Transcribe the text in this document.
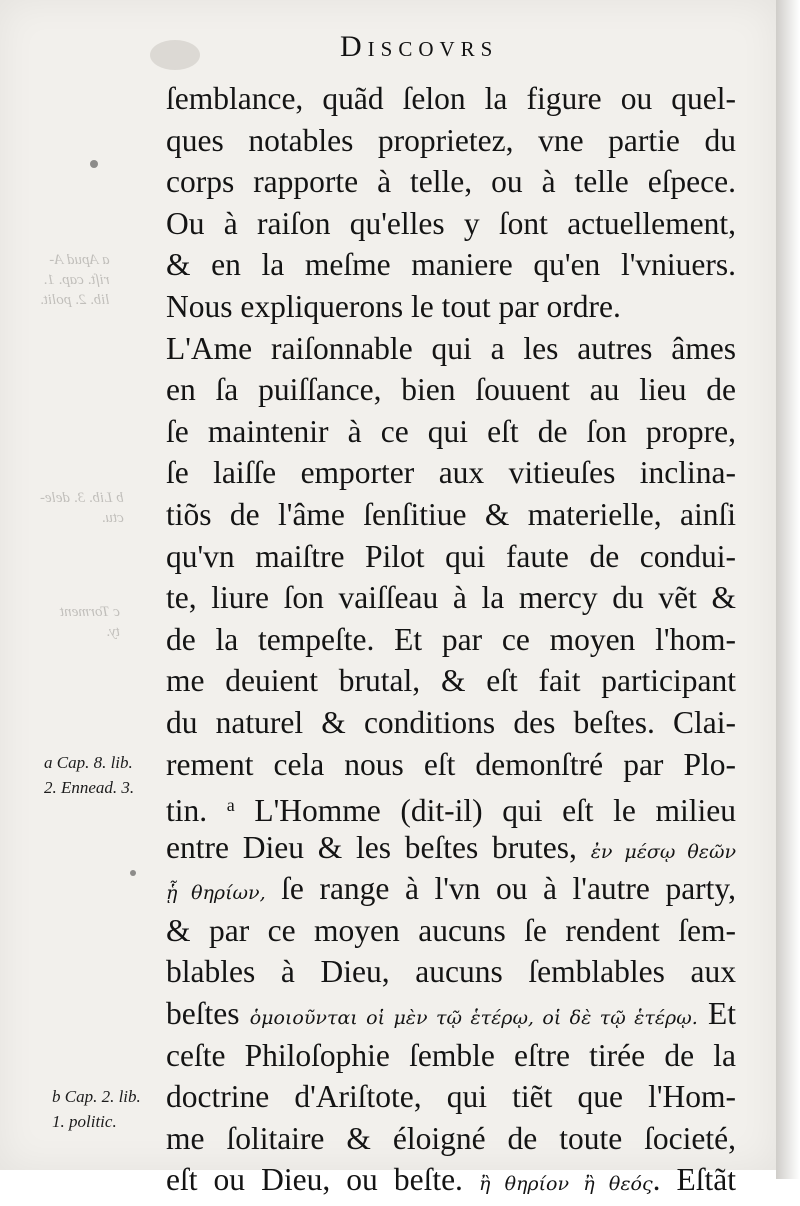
Discovrs
a Apud A-
riſt. cap. 1.
lib. 2. polit.
b Lib. 3. dele-
ctu.
c Torment
ty.
a Cap. 8. lib.
2. Ennead. 3.
b Cap. 2. lib.
1. politic.
ſemblance, quãd ſelon la figure ou quel-
ques notables proprietez, vne partie du
corps rapporte à telle, ou à telle eſpece.
Ou à raiſon qu'elles y ſont actuellement,
& en la meſme maniere qu'en l'vniuers.
Nous expliquerons le tout par ordre.
L'Ame raiſonnable qui a les autres âmes
en ſa puiſſance, bien ſouuent au lieu de
ſe maintenir à ce qui eſt de ſon propre,
ſe laiſſe emporter aux vitieuſes inclina-
tiõs de l'âme ſenſitiue & materielle, ainſi
qu'vn maiſtre Pilot qui faute de condui-
te, liure ſon vaiſſeau à la mercy du vẽt &
de la tempeſte. Et par ce moyen l'hom-
me deuient brutal, & eſt fait participant
du naturel & conditions des beſtes. Clai-
rement cela nous eſt demonſtré par Plo-
tin. $^a$ L'Homme (dit-il) qui eſt le milieu
entre Dieu & les beſtes brutes, ἐν μέσῳ θεῶν
ᾗ θηρίων, ſe range à l'vn ou à l'autre party,
& par ce moyen aucuns ſe rendent ſem-
blables à Dieu, aucuns ſemblables aux
beſtes ὁμοιοῦνται οἱ μὲν τῷ ἑτέρῳ, οἱ δὲ τῷ ἑτέρῳ. Et
ceſte Philoſophie ſemble eſtre tirée de la
doctrine d'Ariſtote, qui tiẽt que l'Hom-
me ſolitaire & éloigné de toute ſocieté,
eſt ou Dieu, ou beſte. ἢ θηρίον ἢ θεός. Eſtãt
